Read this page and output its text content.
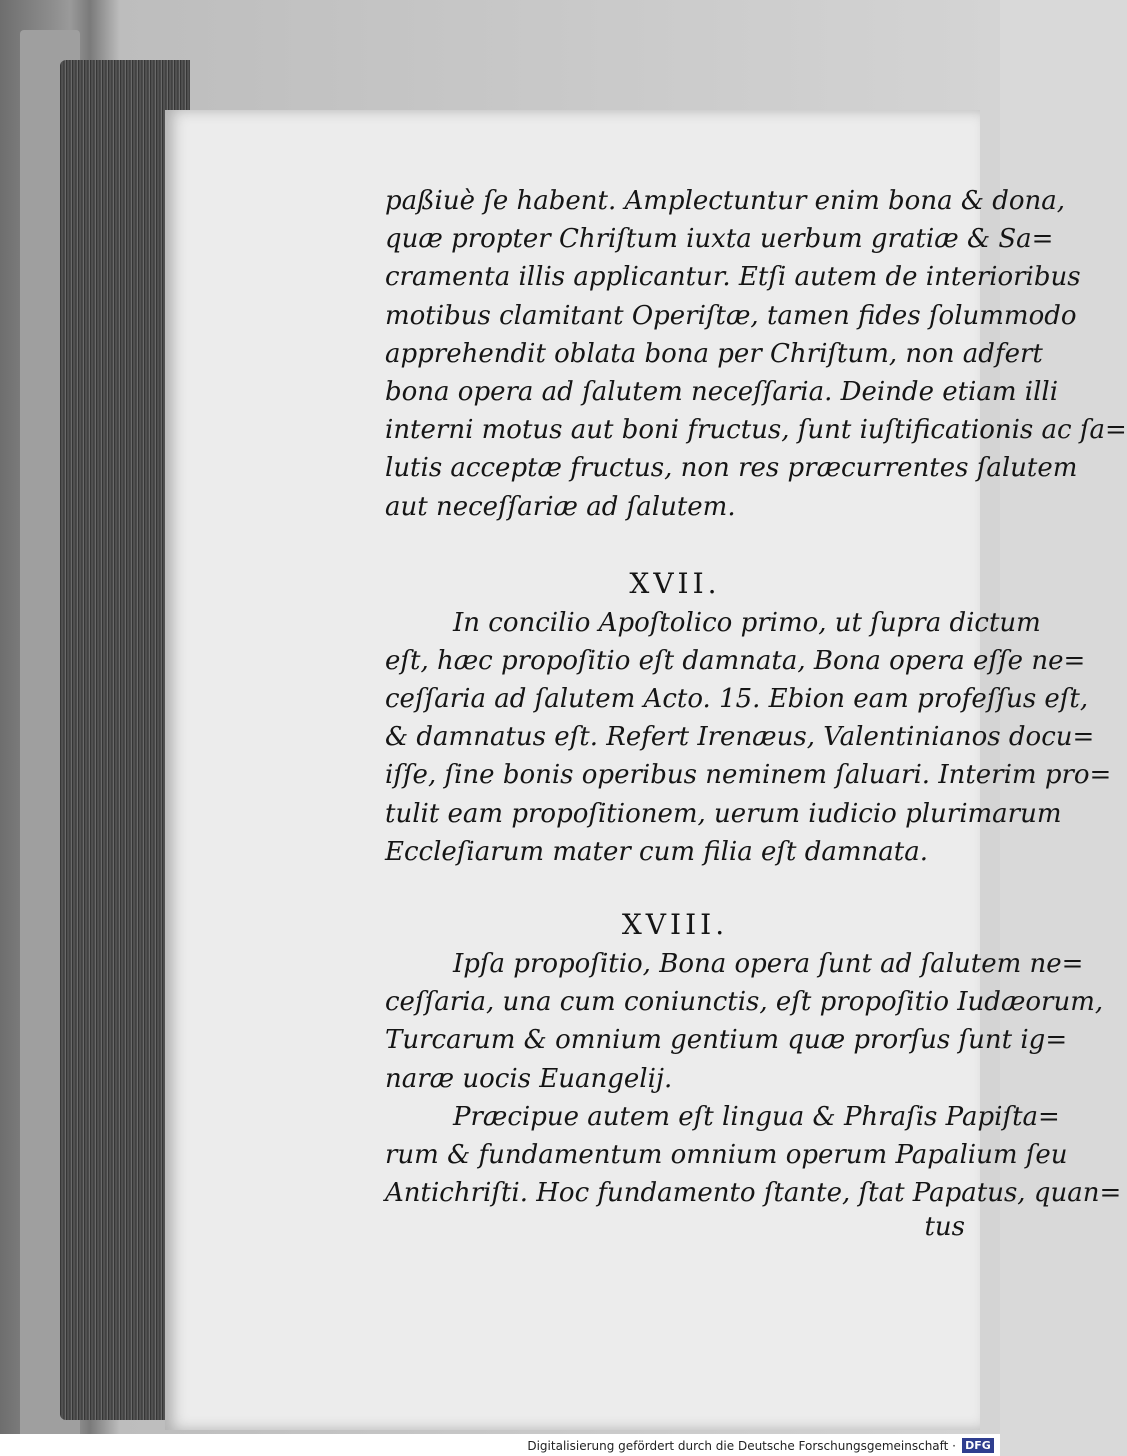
paßiuè ſe habent. Amplectuntur enim bona & dona,
quæ propter Chriſtum iuxta uerbum gratiæ & Sa=
cramenta illis applicantur. Etſi autem de interioribus
motibus clamitant Operiſtæ, tamen fides ſolummodo
apprehendit oblata bona per Chriſtum, non adfert
bona opera ad ſalutem neceſſaria. Deinde etiam illi
interni motus aut boni fructus, ſunt iuſtificationis ac ſa=
lutis acceptæ fructus, non res præcurrentes ſalutem
aut neceſſariæ ad ſalutem.
XVII.
In concilio Apoſtolico primo, ut ſupra dictum
eſt, hæc propoſitio eſt damnata, Bona opera eſſe ne=
ceſſaria ad ſalutem Acto. 15. Ebion eam profeſſus eſt,
& damnatus eſt. Refert Irenæus, Valentinianos docu=
iſſe, ſine bonis operibus neminem ſaluari. Interim pro=
tulit eam propoſitionem, uerum iudicio plurimarum
Eccleſiarum mater cum filia eſt damnata.
XVIII.
Ipſa propoſitio, Bona opera ſunt ad ſalutem ne=
ceſſaria, una cum coniunctis, eſt propoſitio Iudæorum,
Turcarum & omnium gentium quæ prorſus ſunt ig=
naræ uocis Euangelij.
Præcipue autem eſt lingua & Phraſis Papiſta=
rum & fundamentum omnium operum Papalium ſeu
Antichriſti. Hoc fundamento ſtante, ſtat Papatus, quan=
tus
Digitalisierung gefördert durch die Deutsche Forschungsgemeinschaft · DFG
